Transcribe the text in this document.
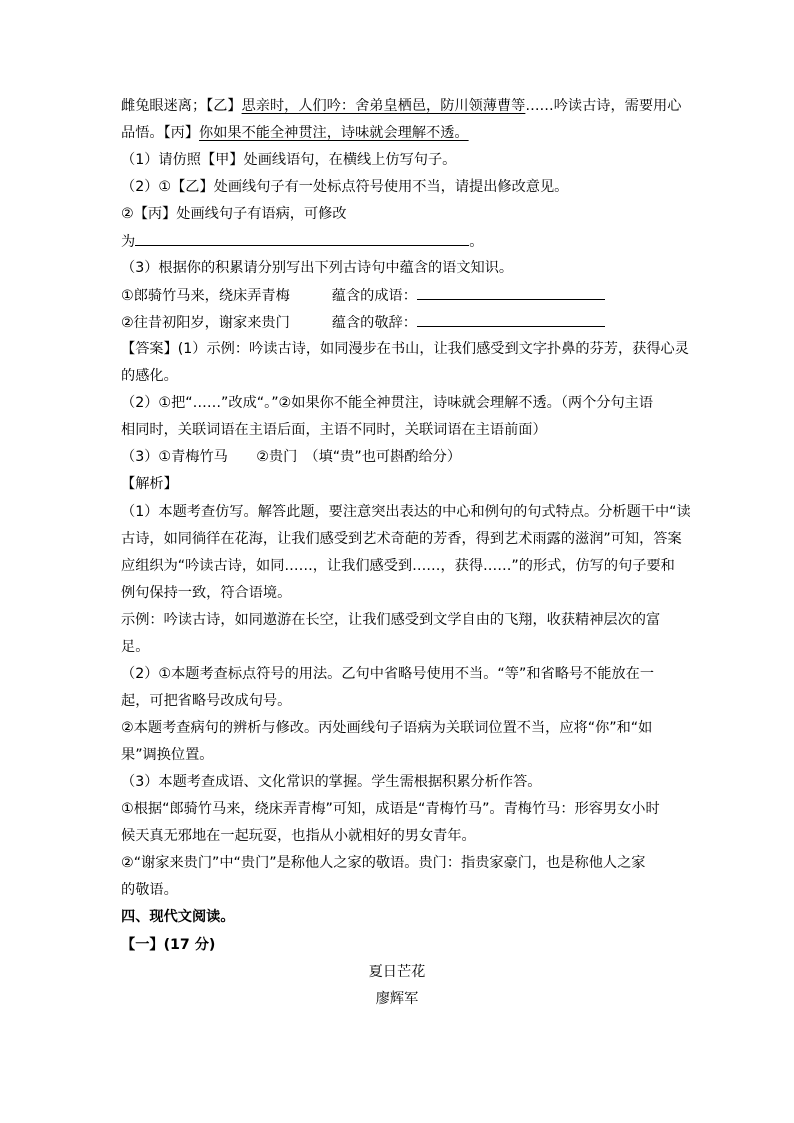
雌兔眼迷离；【乙】思亲时，人们吟：舍弟皇栖邑，防川领薄曹等……吟读古诗，需要用心
品悟。【丙】你如果不能全神贯注，诗味就会理解不透。
（1）请仿照【甲】处画线语句，在横线上仿写句子。
（2）①【乙】处画线句子有一处标点符号使用不当，请提出修改意见。
②【丙】处画线句子有语病，可修改
为	。
（3）根据你的积累请分别写出下列古诗句中蕴含的语文知识。
①郎骑竹马来，绕床弄青梅	蕴含的成语：
②往昔初阳岁，谢家来贵门	蕴含的敬辞：
【答案】(1）示例：吟读古诗，如同漫步在书山，让我们感受到文字扑鼻的芬芳，获得心灵
的感化。
（2）①把“……”改成“。”②如果你不能全神贯注，诗味就会理解不透。（两个分句主语
相同时，关联词语在主语后面，主语不同时，关联词语在主语前面）
（3）①青梅竹马　　②贵门　（填“贵”也可斟酌给分）
【解析】
（1）本题考查仿写。解答此题，要注意突出表达的中心和例句的句式特点。分析题干中“读
古诗，如同徜徉在花海，让我们感受到艺术奇葩的芳香，得到艺术雨露的滋润”可知，答案
应组织为“吟读古诗，如同……，让我们感受到……，获得……”的形式，仿写的句子要和
例句保持一致，符合语境。
示例：吟读古诗，如同遨游在长空，让我们感受到文学自由的飞翔，收获精神层次的富
足。
（2）①本题考查标点符号的用法。乙句中省略号使用不当。“等”和省略号不能放在一
起，可把省略号改成句号。
②本题考查病句的辨析与修改。丙处画线句子语病为关联词位置不当，应将“你”和“如
果”调换位置。
（3）本题考查成语、文化常识的掌握。学生需根据积累分析作答。
①根据“郎骑竹马来，绕床弄青梅”可知，成语是“青梅竹马”。青梅竹马：形容男女小时
候天真无邪地在一起玩耍，也指从小就相好的男女青年。
②“谢家来贵门”中“贵门”是称他人之家的敬语。贵门：指贵家豪门，也是称他人之家
的敬语。
四、现代文阅读。
【一】(17 分)
夏日芒花
廖辉军
